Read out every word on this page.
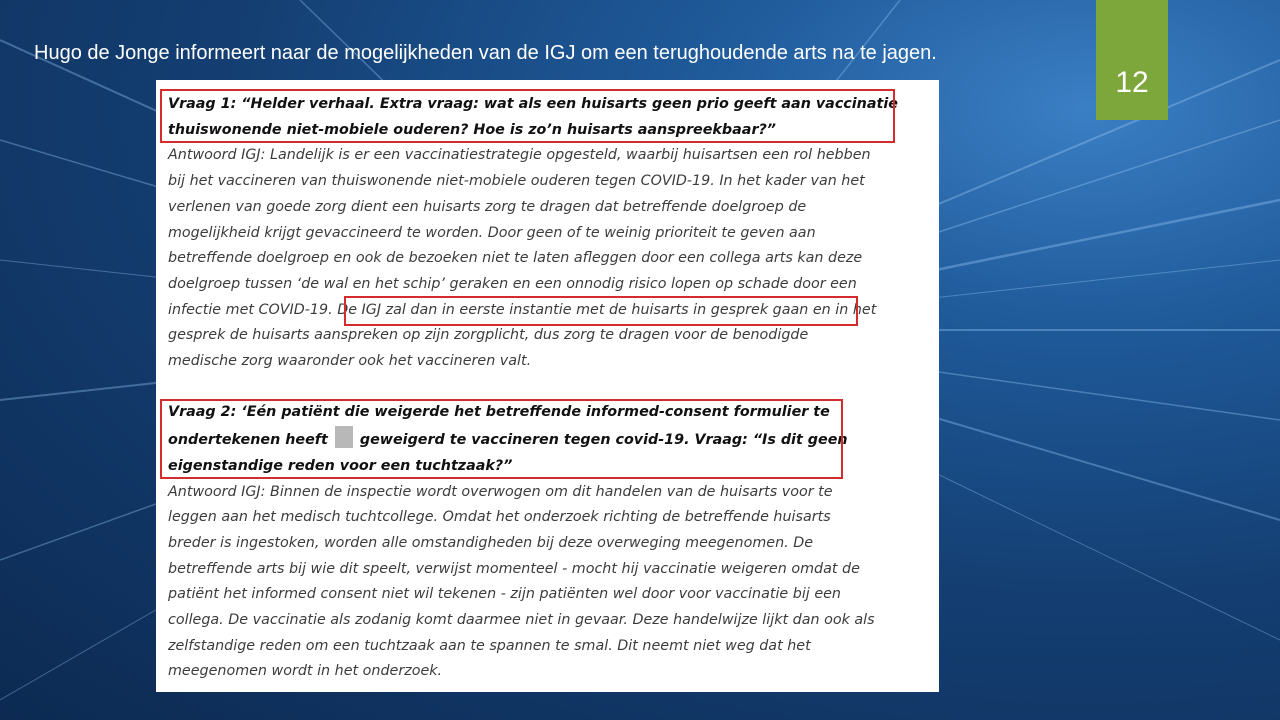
Hugo de Jonge informeert naar de mogelijkheden van de IGJ om een terughoudende arts na te jagen.
12
Vraag 1: “Helder verhaal. Extra vraag: wat als een huisarts geen prio geeft aan vaccinatie
thuiswonende niet-mobiele ouderen? Hoe is zo’n huisarts aanspreekbaar?”
Antwoord IGJ: Landelijk is er een vaccinatiestrategie opgesteld, waarbij huisartsen een rol hebben
bij het vaccineren van thuiswonende niet-mobiele ouderen tegen COVID-19. In het kader van het
verlenen van goede zorg dient een huisarts zorg te dragen dat betreffende doelgroep de
mogelijkheid krijgt gevaccineerd te worden. Door geen of te weinig prioriteit te geven aan
betreffende doelgroep en ook de bezoeken niet te laten afleggen door een collega arts kan deze
doelgroep tussen ‘de wal en het schip’ geraken en een onnodig risico lopen op schade door een
infectie met COVID-19. De IGJ zal dan in eerste instantie met de huisarts in gesprek gaan en in het
gesprek de huisarts aanspreken op zijn zorgplicht, dus zorg te dragen voor de benodigde
medische zorg waaronder ook het vaccineren valt.
Vraag 2: ‘Eén patiënt die weigerde het betreffende informed-consent formulier te
ondertekenen heeft  geweigerd te vaccineren tegen covid-19. Vraag: “Is dit geen
eigenstandige reden voor een tuchtzaak?”
Antwoord IGJ: Binnen de inspectie wordt overwogen om dit handelen van de huisarts voor te
leggen aan het medisch tuchtcollege. Omdat het onderzoek richting de betreffende huisarts
breder is ingestoken, worden alle omstandigheden bij deze overweging meegenomen. De
betreffende arts bij wie dit speelt, verwijst momenteel - mocht hij vaccinatie weigeren omdat de
patiënt het informed consent niet wil tekenen - zijn patiënten wel door voor vaccinatie bij een
collega. De vaccinatie als zodanig komt daarmee niet in gevaar. Deze handelwijze lijkt dan ook als
zelfstandige reden om een tuchtzaak aan te spannen te smal. Dit neemt niet weg dat het
meegenomen wordt in het onderzoek.
